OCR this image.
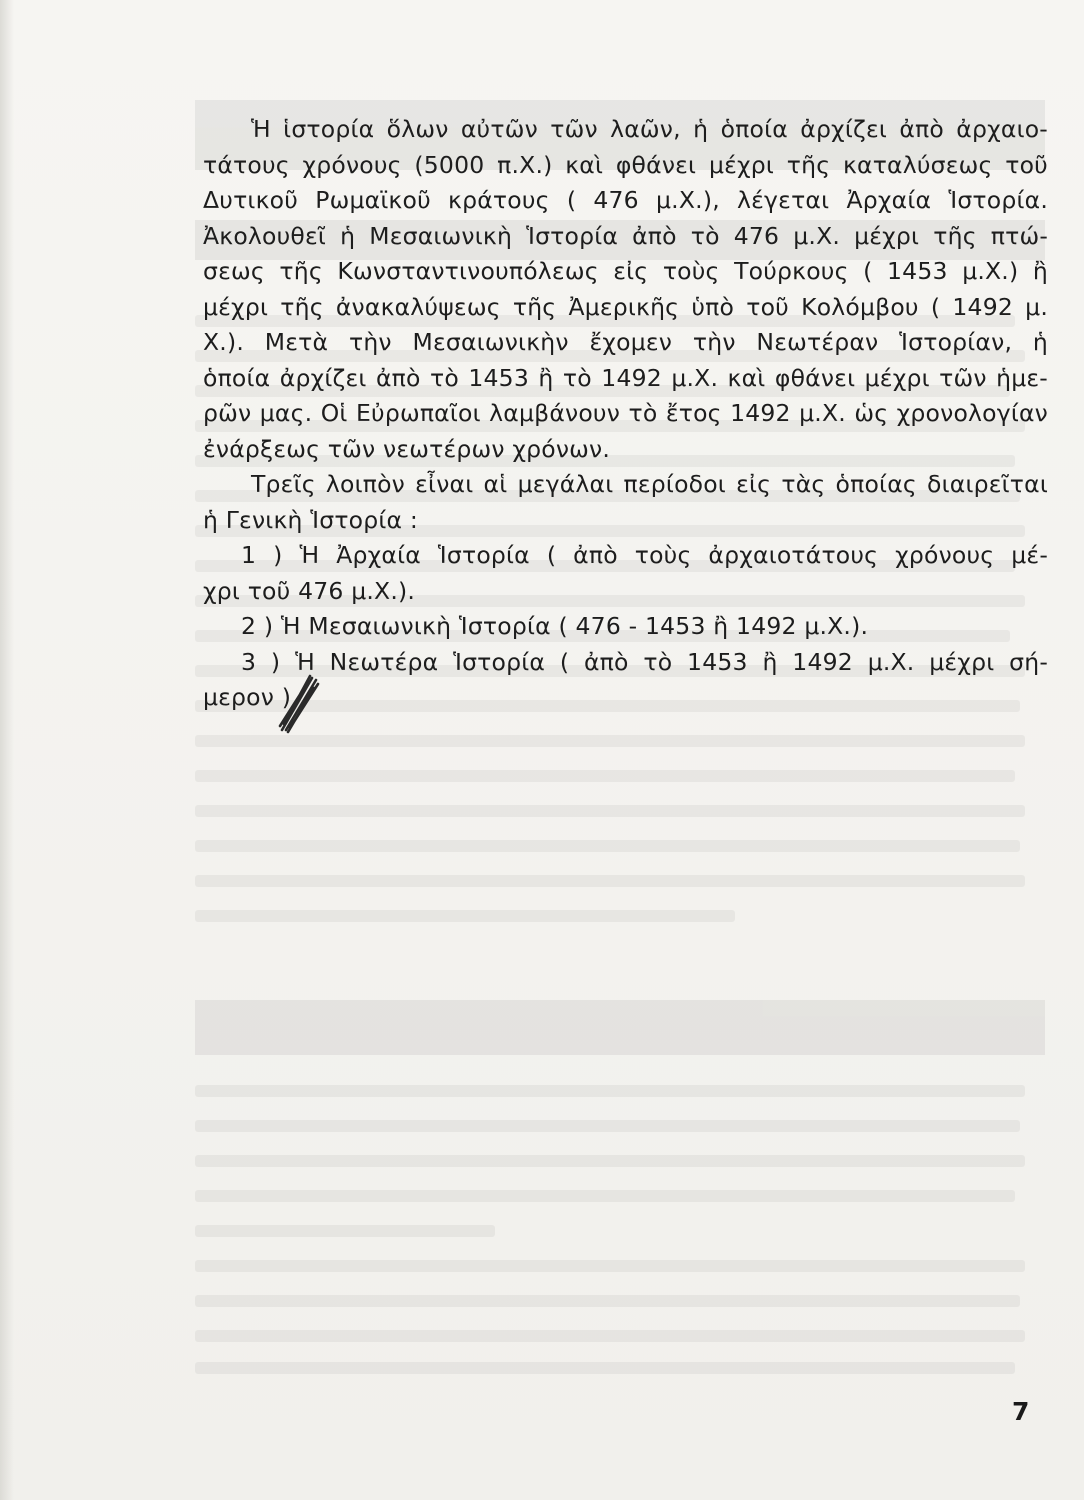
Ἡ ἱστορία ὅλων αὐτῶν τῶν λαῶν, ἡ ὁποία ἀρχίζει ἀπὸ ἀρχαιο-
τάτους χρόνους (5000 π.Χ.) καὶ φθάνει μέχρι τῆς καταλύσεως τοῦ
Δυτικοῦ Ρωμαϊκοῦ κράτους ( 476 μ.Χ.), λέγεται Ἀρχαία Ἱστορία.
Ἀκολουθεῖ ἡ Μεσαιωνικὴ Ἱστορία ἀπὸ τὸ 476 μ.Χ. μέχρι τῆς πτώ-
σεως τῆς Κωνσταντινουπόλεως εἰς τοὺς Τούρκους ( 1453 μ.Χ.) ἢ
μέχρι τῆς ἀνακαλύψεως τῆς Ἀμερικῆς ὑπὸ τοῦ Κολόμβου ( 1492 μ.
Χ.). Μετὰ τὴν Μεσαιωνικὴν ἔχομεν τὴν Νεωτέραν Ἱστορίαν, ἡ
ὁποία ἀρχίζει ἀπὸ τὸ 1453 ἢ τὸ 1492 μ.Χ. καὶ φθάνει μέχρι τῶν ἡμε-
ρῶν μας. Οἱ Εὐρωπαῖοι λαμβάνουν τὸ ἔτος 1492 μ.Χ. ὡς χρονολογίαν
ἐνάρξεως τῶν νεωτέρων χρόνων.
Τρεῖς λοιπὸν εἶναι αἱ μεγάλαι περίοδοι εἰς τὰς ὁποίας διαιρεῖται
ἡ Γενικὴ Ἱστορία :
1 ) Ἡ Ἀρχαία Ἱστορία ( ἀπὸ τοὺς ἀρχαιοτάτους χρόνους μέ-
χρι τοῦ 476 μ.Χ.).
2 ) Ἡ Μεσαιωνικὴ Ἱστορία ( 476 - 1453 ἢ 1492 μ.Χ.).
3 ) Ἡ Νεωτέρα Ἱστορία ( ἀπὸ τὸ 1453 ἢ 1492 μ.Χ. μέχρι σή-
μερον ).
7
